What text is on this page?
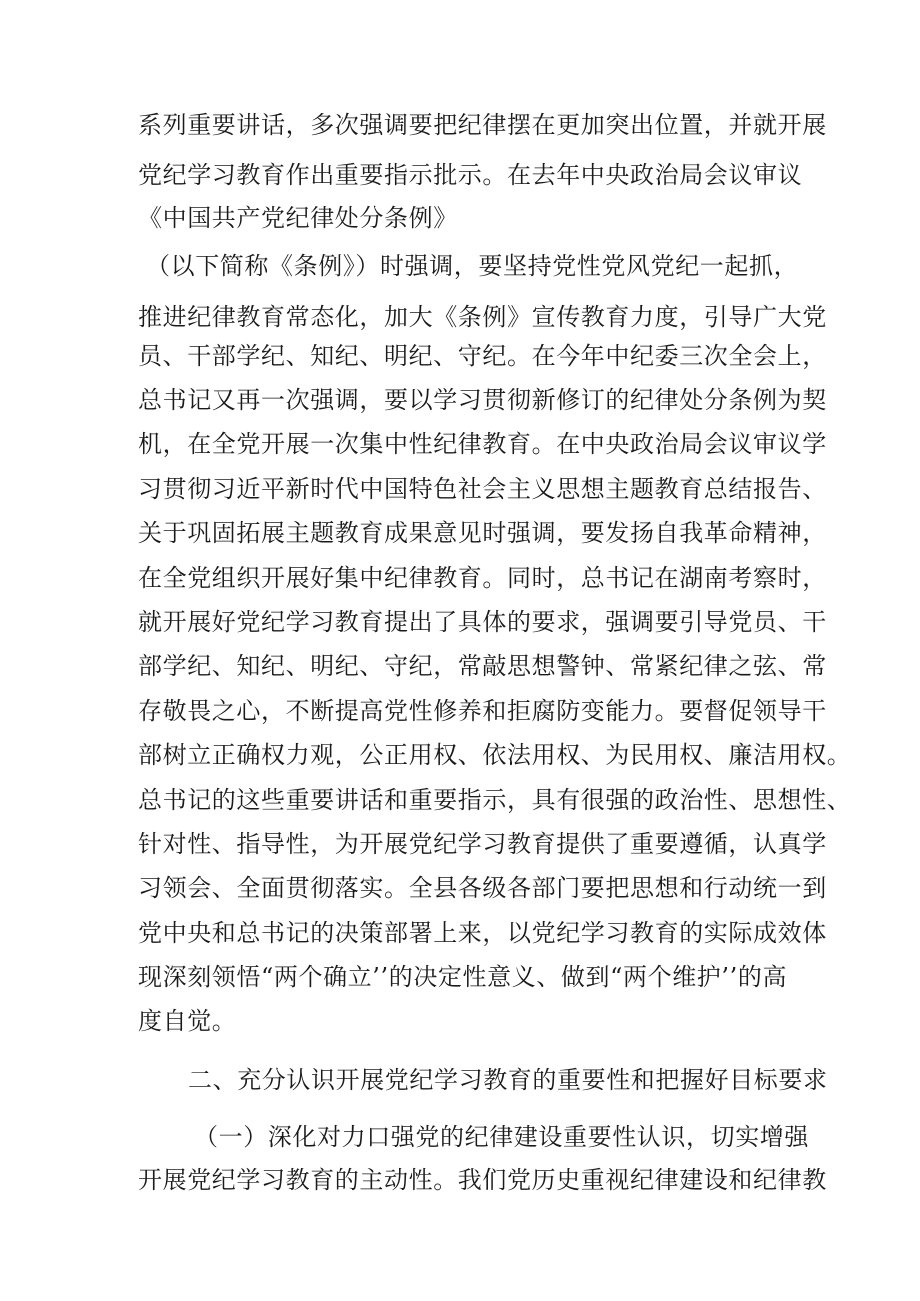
系列重要讲话，多次强调要把纪律摆在更加突出位置，并就开展
党纪学习教育作出重要指示批示。在去年中央政治局会议审议
《中国共产党纪律处分条例》
（以下简称《条例》）时强调，要坚持党性党风党纪一起抓，
推进纪律教育常态化，加大《条例》宣传教育力度，引导广大党
员、干部学纪、知纪、明纪、守纪。在今年中纪委三次全会上，
总书记又再一次强调，要以学习贯彻新修订的纪律处分条例为契
机，在全党开展一次集中性纪律教育。在中央政治局会议审议学
习贯彻习近平新时代中国特色社会主义思想主题教育总结报告、
关于巩固拓展主题教育成果意见时强调，要发扬自我革命精神，
在全党组织开展好集中纪律教育。同时，总书记在湖南考察时，
就开展好党纪学习教育提出了具体的要求，强调要引导党员、干
部学纪、知纪、明纪、守纪，常敲思想警钟、常紧纪律之弦、常
存敬畏之心，不断提高党性修养和拒腐防变能力。要督促领导干
部树立正确权力观，公正用权、依法用权、为民用权、廉洁用权。
总书记的这些重要讲话和重要指示，具有很强的政治性、思想性、
针对性、指导性，为开展党纪学习教育提供了重要遵循，认真学
习领会、全面贯彻落实。全县各级各部门要把思想和行动统一到
党中央和总书记的决策部署上来，以党纪学习教育的实际成效体
现深刻领悟“两个确立’’的决定性意义、做到“两个维护’’的高
度自觉。
二、充分认识开展党纪学习教育的重要性和把握好目标要求
（一）深化对力口强党的纪律建设重要性认识，切实增强
开展党纪学习教育的主动性。我们党历史重视纪律建设和纪律教
